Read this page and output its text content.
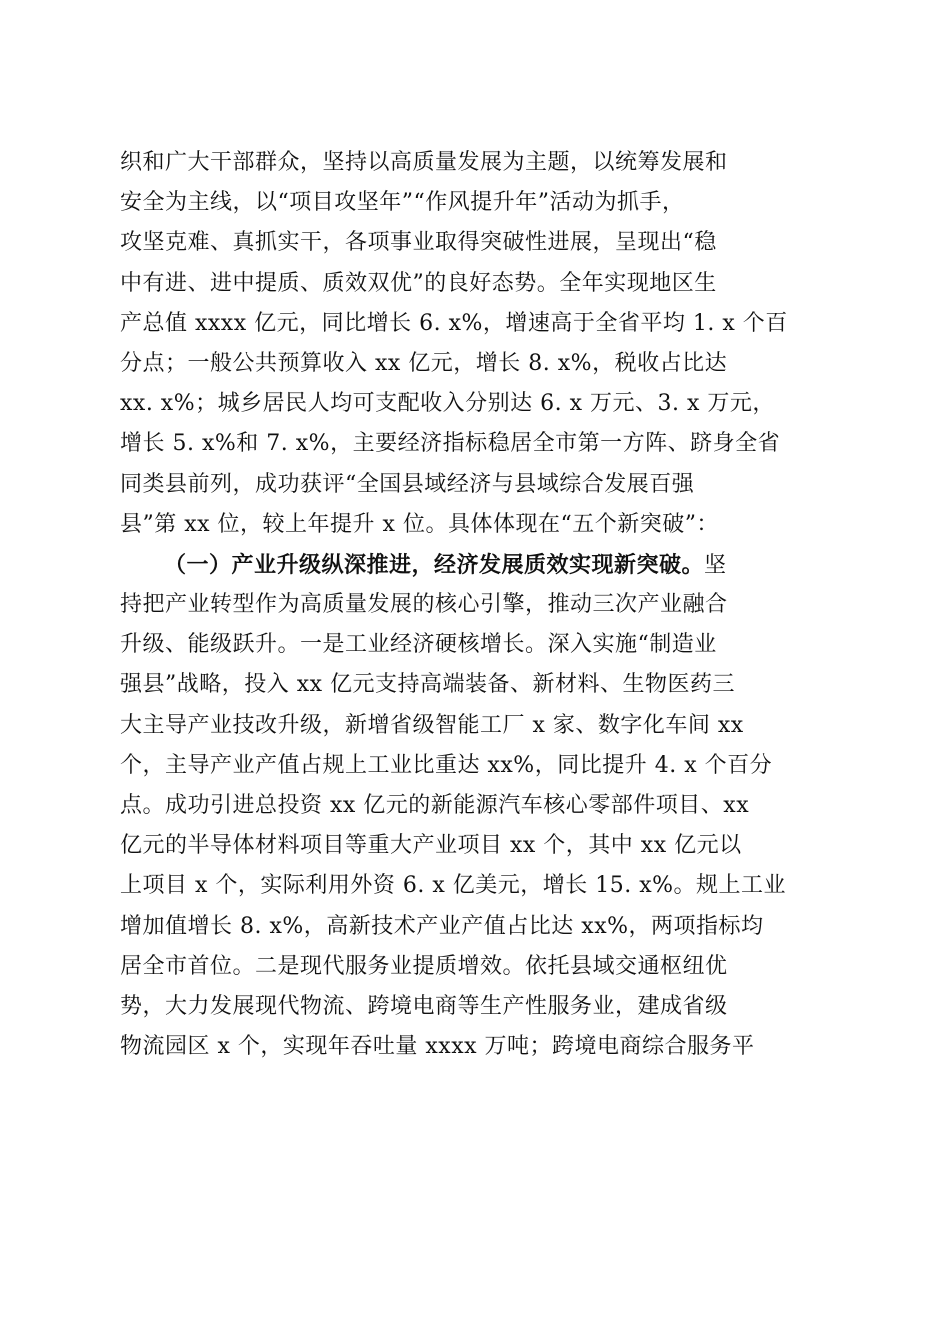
织和广大干部群众，坚持以高质量发展为主题，以统筹发展和
安全为主线，以“项目攻坚年”“作风提升年”活动为抓手，
攻坚克难、真抓实干，各项事业取得突破性进展，呈现出“稳
中有进、进中提质、质效双优”的良好态势。全年实现地区生
产总值 xxxx 亿元，同比增长 6. x%，增速高于全省平均 1. x 个百
分点；一般公共预算收入 xx 亿元，增长 8. x%，税收占比达
xx. x%；城乡居民人均可支配收入分别达 6. x 万元、3. x 万元，
增长 5. x%和 7. x%，主要经济指标稳居全市第一方阵、跻身全省
同类县前列，成功获评“全国县域经济与县域综合发展百强
县”第 xx 位，较上年提升 x 位。具体体现在“五个新突破”：
（一）产业升级纵深推进，经济发展质效实现新突破。坚
持把产业转型作为高质量发展的核心引擎，推动三次产业融合
升级、能级跃升。一是工业经济硬核增长。深入实施“制造业
强县”战略，投入 xx 亿元支持高端装备、新材料、生物医药三
大主导产业技改升级，新增省级智能工厂 x 家、数字化车间 xx
个，主导产业产值占规上工业比重达 xx%，同比提升 4. x 个百分
点。成功引进总投资 xx 亿元的新能源汽车核心零部件项目、xx
亿元的半导体材料项目等重大产业项目 xx 个，其中 xx 亿元以
上项目 x 个，实际利用外资 6. x 亿美元，增长 15. x%。规上工业
增加值增长 8. x%，高新技术产业产值占比达 xx%，两项指标均
居全市首位。二是现代服务业提质增效。依托县域交通枢纽优
势，大力发展现代物流、跨境电商等生产性服务业，建成省级
物流园区 x 个，实现年吞吐量 xxxx 万吨；跨境电商综合服务平
